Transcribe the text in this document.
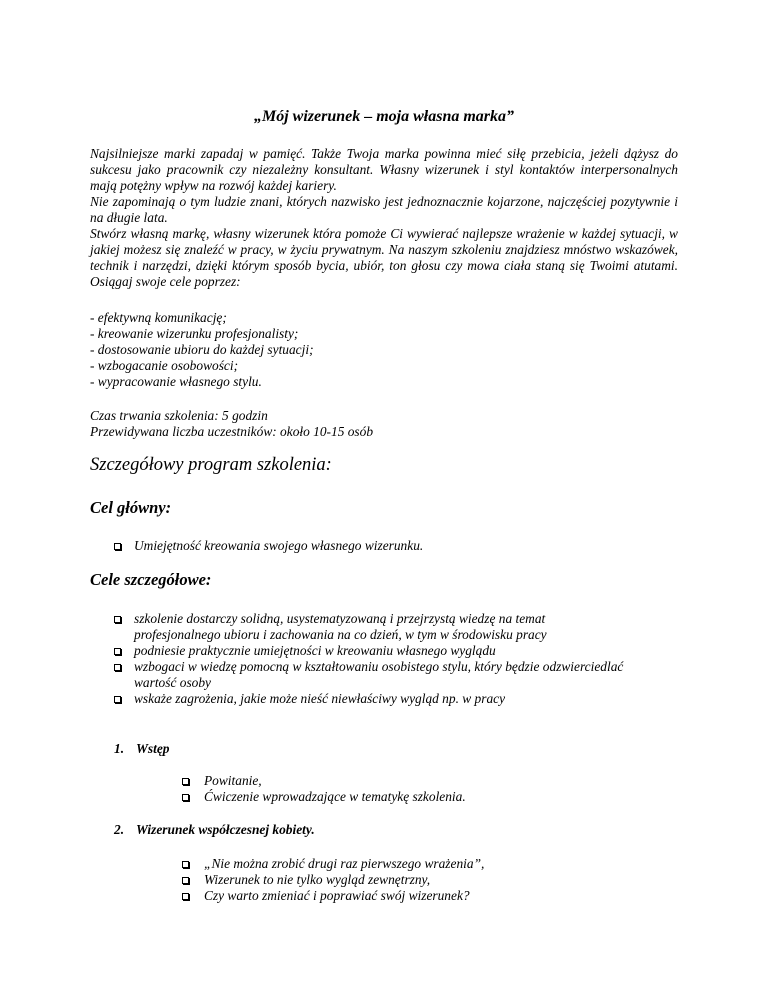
„Mój wizerunek – moja własna marka”

Najsilniejsze marki zapadaj w pamięć. Także Twoja marka powinna mieć siłę przebicia, jeżeli dążysz do sukcesu jako pracownik czy niezależny konsultant. Własny wizerunek i styl kontaktów interpersonalnych mają potężny wpływ na rozwój każdej kariery.

Nie zapominają o tym ludzie znani, których nazwisko jest jednoznacznie kojarzone, najczęściej pozytywnie i na długie lata.

Stwórz własną markę, własny wizerunek która pomoże Ci wywierać najlepsze wrażenie w każdej sytuacji, w jakiej możesz się znaleźć w pracy, w życiu prywatnym. Na naszym szkoleniu znajdziesz mnóstwo wskazówek, technik i narzędzi, dzięki którym sposób bycia, ubiór, ton głosu czy mowa ciała staną się Twoimi atutami. Osiągaj swoje cele poprzez:

- efektywną komunikację;
- kreowanie wizerunku profesjonalisty;
- dostosowanie ubioru do każdej sytuacji;
- wzbogacanie osobowości;
- wypracowanie własnego stylu.
Czas trwania szkolenia: 5 godzin
Przewidywana liczba uczestników: około 10-15 osób
Szczegółowy program szkolenia:
Cel główny:
Umiejętność kreowania swojego własnego wizerunku.
Cele szczegółowe:
szkolenie dostarczy solidną, usystematyzowaną i przejrzystą wiedzę na temat profesjonalnego ubioru i zachowania na co dzień, w tym w środowisku pracy
podniesie praktycznie umiejętności w kreowaniu własnego wyglądu
wzbogaci w wiedzę pomocną w kształtowaniu osobistego stylu, który będzie odzwierciedlać wartość osoby
wskaże zagrożenia, jakie może nieść niewłaściwy wygląd np. w pracy
1. Wstęp
Powitanie,
Ćwiczenie wprowadzające w tematykę szkolenia.
2. Wizerunek współczesnej kobiety.
„Nie można zrobić drugi raz pierwszego wrażenia”,
Wizerunek to nie tylko wygląd zewnętrzny,
Czy warto zmieniać i poprawiać swój wizerunek?
